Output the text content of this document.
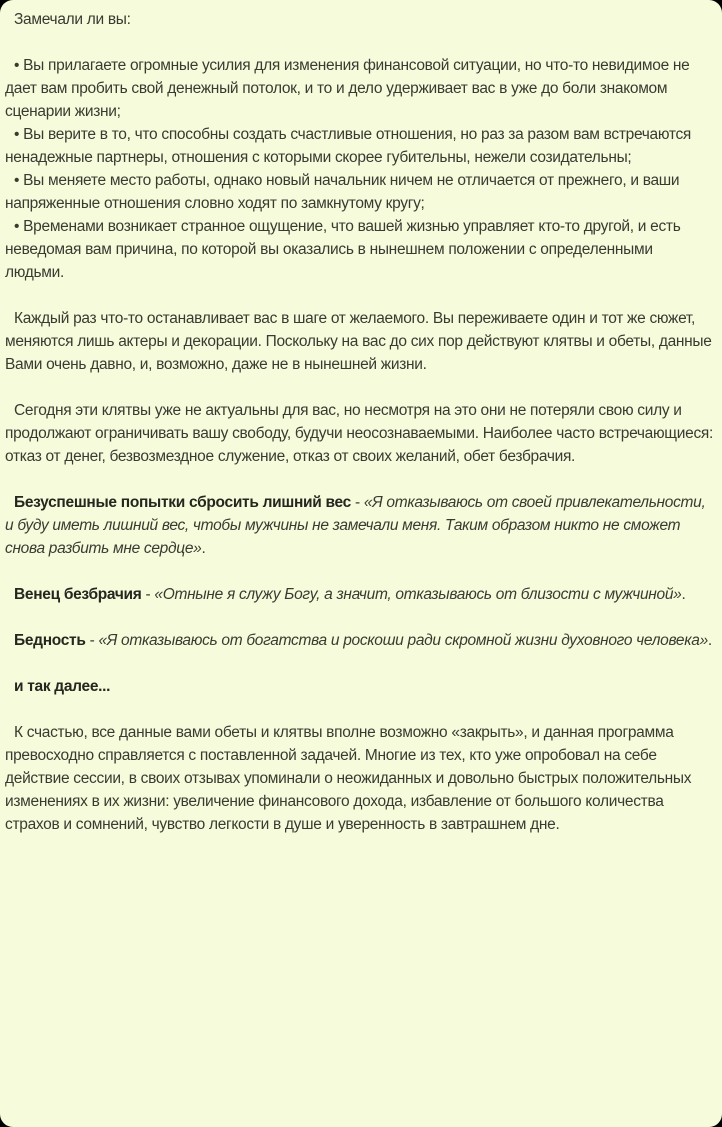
Замечали ли вы:

• Вы прилагаете огромные усилия для изменения финансовой ситуации, но что-то невидимое не дает вам пробить свой денежный потолок, и то и дело удерживает вас в уже до боли знакомом сценарии жизни;

• Вы верите в то, что способны создать счастливые отношения, но раз за разом вам встречаются ненадежные партнеры, отношения с которыми скорее губительны, нежели созидательны;

• Вы меняете место работы, однако новый начальник ничем не отличается от прежнего, и ваши напряженные отношения словно ходят по замкнутому кругу;

• Временами возникает странное ощущение, что вашей жизнью управляет кто-то другой, и есть неведомая вам причина, по которой вы оказались в нынешнем положении с определенными людьми.

Каждый раз что-то останавливает вас в шаге от желаемого. Вы переживаете один и тот же сюжет, меняются лишь актеры и декорации. Поскольку на вас до сих пор действуют клятвы и обеты, данные Вами очень давно, и, возможно, даже не в нынешней жизни.

Сегодня эти клятвы уже не актуальны для вас, но несмотря на это они не потеряли свою силу и продолжают ограничивать вашу свободу, будучи неосознаваемыми. Наиболее часто встречающиеся: отказ от денег, безвозмездное служение, отказ от своих желаний, обет безбрачия.

Безуспешные попытки сбросить лишний вес - «Я отказываюсь от своей привлекательности, и буду иметь лишний вес, чтобы мужчины не замечали меня. Таким образом никто не сможет снова разбить мне сердце».

Венец безбрачия - «Отныне я служу Богу, а значит, отказываюсь от близости с мужчиной».

Бедность - «Я отказываюсь от богатства и роскоши ради скромной жизни духовного человека».

и так далее...

К счастью, все данные вами обеты и клятвы вполне возможно «закрыть», и данная программа превосходно справляется с поставленной задачей. Многие из тех, кто уже опробовал на себе действие сессии, в своих отзывах упоминали о неожиданных и довольно быстрых положительных изменениях в их жизни: увеличение финансового дохода, избавление от большого количества страхов и сомнений, чувство легкости в душе и уверенность в завтрашнем дне.
